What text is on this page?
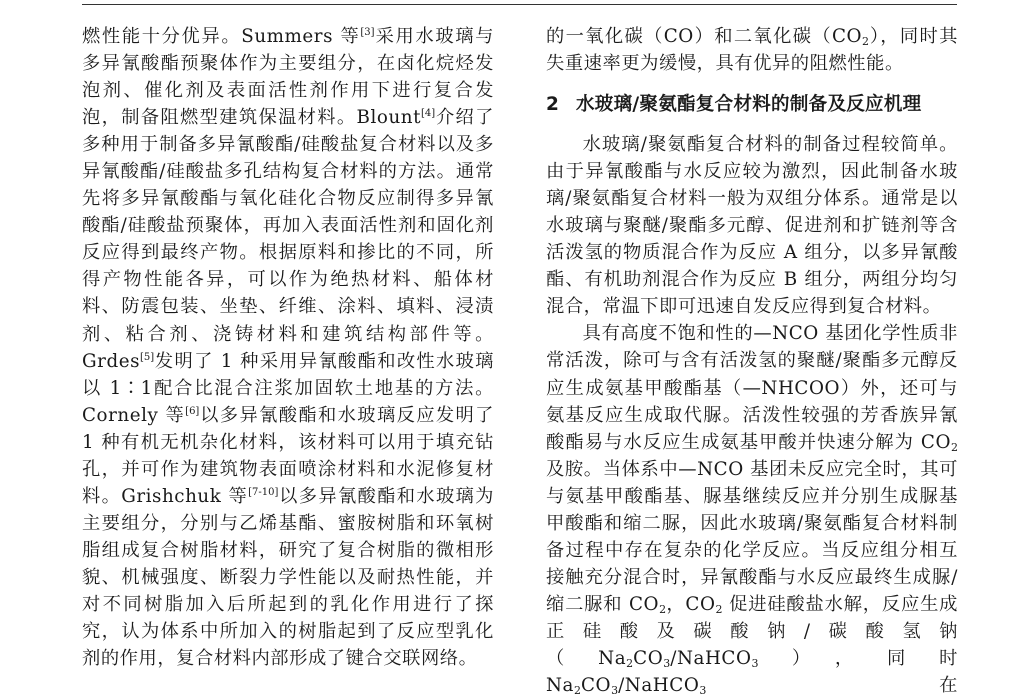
燃性能十分优异。Summers 等[3]采用水玻璃与多异氰酸酯预聚体作为主要组分，在卤化烷烃发泡剂、催化剂及表面活性剂作用下进行复合发泡，制备阻燃型建筑保温材料。Blount[4]介绍了多种用于制备多异氰酸酯/硅酸盐复合材料以及多异氰酸酯/硅酸盐多孔结构复合材料的方法。通常先将多异氰酸酯与氧化硅化合物反应制得多异氰酸酯/硅酸盐预聚体，再加入表面活性剂和固化剂反应得到最终产物。根据原料和掺比的不同，所得产物性能各异，可以作为绝热材料、船体材料、防震包装、坐垫、纤维、涂料、填料、浸渍剂、粘合剂、浇铸材料和建筑结构部件等。Grdes[5]发明了 1 种采用异氰酸酯和改性水玻璃以 1∶1配合比混合注浆加固软土地基的方法。Cornely 等[6]以多异氰酸酯和水玻璃反应发明了 1 种有机无机杂化材料，该材料可以用于填充钻孔，并可作为建筑物表面喷涂材料和水泥修复材料。Grishchuk 等[7-10]以多异氰酸酯和水玻璃为主要组分，分别与乙烯基酯、蜜胺树脂和环氧树脂组成复合树脂材料，研究了复合树脂的微相形貌、机械强度、断裂力学性能以及耐热性能，并对不同树脂加入后所起到的乳化作用进行了探究，认为体系中所加入的树脂起到了反应型乳化剂的作用，复合材料内部形成了键合交联网络。

的一氧化碳（CO）和二氧化碳$(CO_2)$，同时其失重速率更为缓慢，具有优异的阻燃性能。

2 水玻璃/聚氨酯复合材料的制备及反应机理

水玻璃/聚氨酯复合材料的制备过程较简单。由于异氰酸酯与水反应较为激烈，因此制备水玻璃/聚氨酯复合材料一般为双组分体系。通常是以水玻璃与聚醚/聚酯多元醇、促进剂和扩链剂等含活泼氢的物质混合作为反应 A 组分，以多异氰酸酯、有机助剂混合作为反应 B 组分，两组分均匀混合，常温下即可迅速自发反应得到复合材料。

具有高度不饱和性的—NCO 基团化学性质非常活泼，除可与含有活泼氢的聚醚/聚酯多元醇反应生成氨基甲酸酯基（—NHCOO）外，还可与氨基反应生成取代脲。活泼性较强的芳香族异氰酸酯易与水反应生成氨基甲酸并快速分解为 $CO_2$ 及胺。当体系中—NCO 基团未反应完全时，其可与氨基甲酸酯基、脲基继续反应并分别生成脲基甲酸酯和缩二脲，因此水玻璃/聚氨酯复合材料制备过程中存在复杂的化学反应。当反应组分相互接触充分混合时，异氰酸酯与水反应最终生成脲/缩二脲和 $CO_2$，$CO_2$ 促进硅酸盐水解，反应生成正硅酸及碳酸钠/碳酸氢钠$(Na_2CO_3/NaHCO_3)$，同时 $Na_2CO_3/NaHCO_3$ 在
